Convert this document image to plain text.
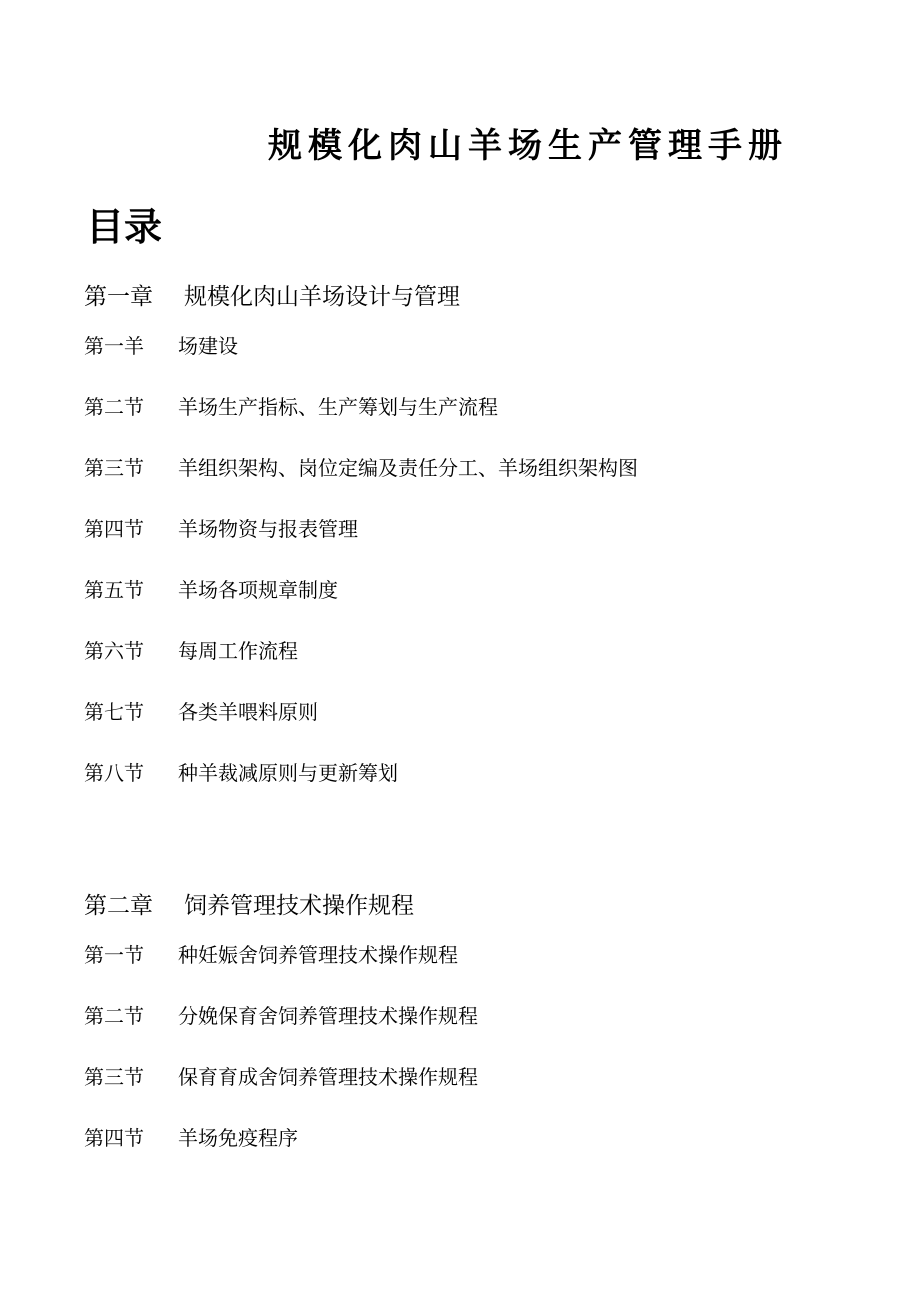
规模化肉山羊场生产管理手册
目录
第一章 规模化肉山羊场设计与管理
第一羊 场建设
第二节 羊场生产指标、生产筹划与生产流程
第三节 羊组织架构、岗位定编及责任分工、羊场组织架构图
第四节 羊场物资与报表管理
第五节 羊场各项规章制度
第六节 每周工作流程
第七节 各类羊喂料原则
第八节 种羊裁减原则与更新筹划
第二章 饲养管理技术操作规程
第一节 种妊娠舍饲养管理技术操作规程
第二节 分娩保育舍饲养管理技术操作规程
第三节 保育育成舍饲养管理技术操作规程
第四节 羊场免疫程序
